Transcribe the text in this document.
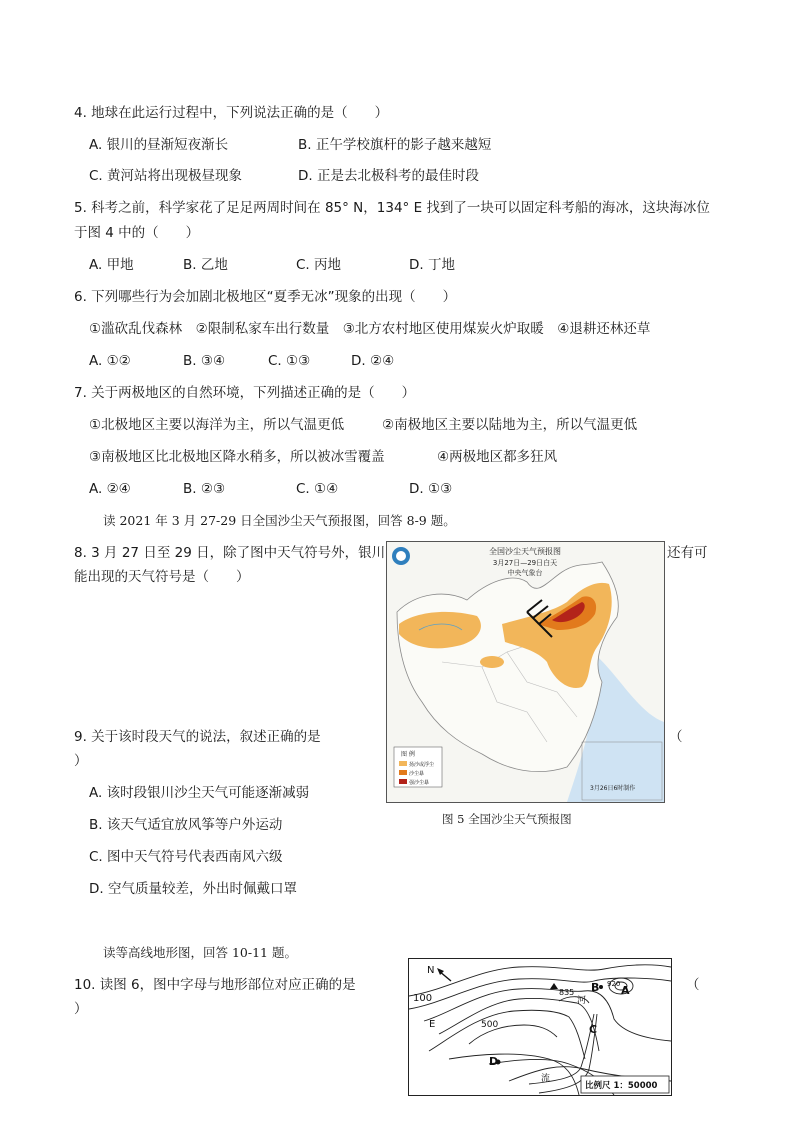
4. 地球在此运行过程中，下列说法正确的是（　　）
A. 银川的昼渐短夜渐长	B. 正午学校旗杆的影子越来越短
C. 黄河站将出现极昼现象	D. 正是去北极科考的最佳时段
5. 科考之前，科学家花了足足两周时间在 85° N，134° E 找到了一块可以固定科考船的海冰，这块海冰位
于图 4 中的（　　）
A. 甲地	B. 乙地	C. 丙地	D. 丁地
6. 下列哪些行为会加剧北极地区“夏季无冰”现象的出现（　　）
①滥砍乱伐森林　②限制私家车出行数量　③北方农村地区使用煤炭火炉取暖　④退耕还林还草
A. ①②	B. ③④	C. ①③	D. ②④
7. 关于两极地区的自然环境，下列描述正确的是（　　）
①北极地区主要以海洋为主，所以气温更低	②南极地区主要以陆地为主，所以气温更低
③南极地区比北极地区降水稍多，所以被冰雪覆盖	④两极地区都多狂风
A. ②④	B. ②③	C. ①④	D. ①③
读 2021 年 3 月 27-29 日全国沙尘天气预报图，回答 8-9 题。
8. 3 月 27 日至 29 日，除了图中天气符号外，银川	还有可
能出现的天气符号是（　　）
全国沙尘天气预报图
3月27日—29日白天
中央气象台
图 例
扬沙或浮尘
沙尘暴
强沙尘暴
3月26日6时制作
图 5 全国沙尘天气预报图
9. 关于该时段天气的说法，叙述正确的是	（
）
A. 该时段银川沙尘天气可能逐渐减弱
B. 该天气适宜放风筝等户外运动
C. 图中天气符号代表西南风六级
D. 空气质量较差，外出时佩戴口罩
读等高线地形图，回答 10-11 题。
10. 读图 6，图中字母与地形部位对应正确的是	（
）
N
100
500
835
920 A
B
C
D
E
河
流
比例尺 1：50000
